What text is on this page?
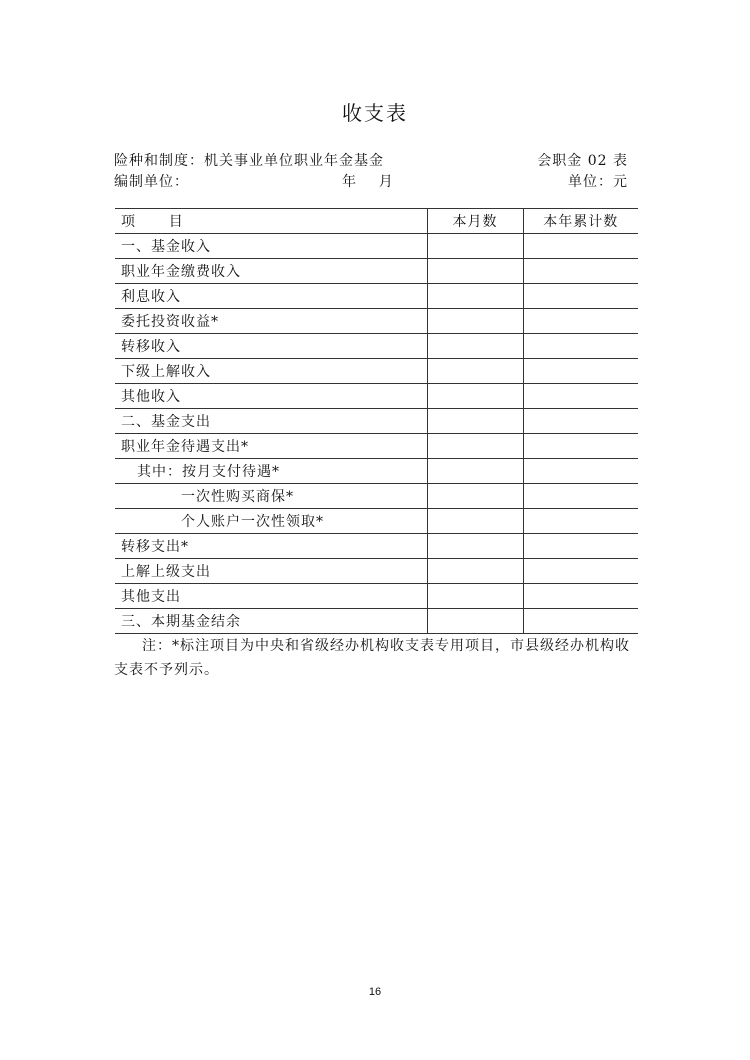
收支表
险种和制度：机关事业单位职业年金基金	会职金 02 表
编制单位：	年    月	单位：元
项      目	本月数	本年累计数
一、基金收入		
职业年金缴费收入		
利息收入		
委托投资收益*		
转移收入		
下级上解收入		
其他收入		
二、基金支出		
职业年金待遇支出*		
其中：按月支付待遇*		
一次性购买商保*		
个人账户一次性领取*		
转移支出*		
上解上级支出		
其他支出		
三、本期基金结余		
注：*标注项目为中央和省级经办机构收支表专用项目，市县级经办机构收支表不予列示。
16
